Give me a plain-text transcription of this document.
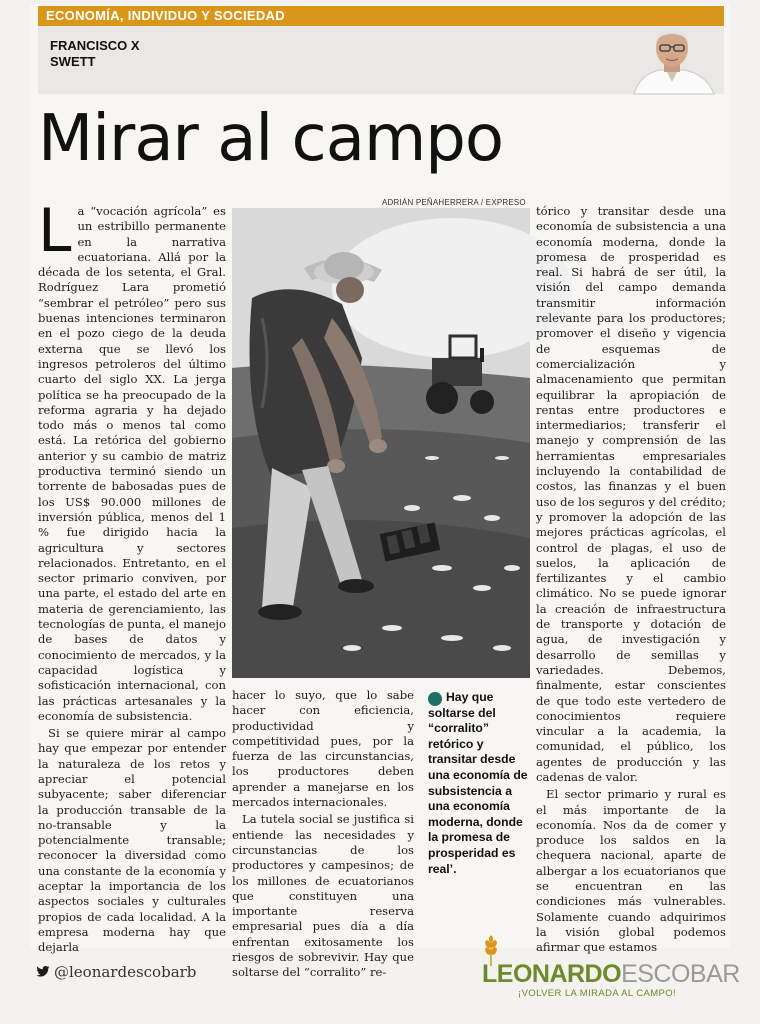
ECONOMÍA, INDIVIDUO Y SOCIEDAD
FRANCISCO X
SWETT
Mirar al campo
ADRIÁN PEÑAHERRERA / EXPRESO

La “vocación agrícola” es un estribillo permanente en la narrativa ecuatoriana. Allá por la década de los setenta, el Gral. Rodríguez Lara prometió “sembrar el petróleo” pero sus buenas intenciones terminaron en el pozo ciego de la deuda externa que se llevó los ingresos petroleros del último cuarto del siglo XX. La jerga política se ha preocupado de la reforma agraria y ha dejado todo más o menos tal como está. La retórica del gobierno anterior y su cambio de matriz productiva terminó siendo un torrente de babosadas pues de los US$ 90.000 millones de inversión pública, menos del 1 % fue dirigido hacia la agricultura y sectores relacionados. Entretanto, en el sector primario conviven, por una parte, el estado del arte en materia de gerenciamiento, las tecnologías de punta, el manejo de bases de datos y conocimiento de mercados, y la capacidad logística y sofisticación internacional, con las prácticas artesanales y la economía de subsistencia.

Si se quiere mirar al campo hay que empezar por entender la naturaleza de los retos y apreciar el potencial subyacente; saber diferenciar la producción transable de la no-transable y la potencialmente transable; reconocer la diversidad como una constante de la economía y aceptar la importancia de los aspectos sociales y culturales propios de cada localidad. A la empresa moderna hay que dejarla

hacer lo suyo, que lo sabe hacer con eficiencia, productividad y competitividad pues, por la fuerza de las circunstancias, los productores deben aprender a manejarse en los mercados internacionales.

La tutela social se justifica si entiende las necesidades y circunstancias de los productores y campesinos; de los millones de ecuatorianos que constituyen una importante reserva empresarial pues día a día enfrentan exitosamente los riesgos de sobrevivir. Hay que soltarse del “corralito” re-

Hay que soltarse del “corralito” retórico y transitar desde una economía de subsistencia a una economía moderna, donde la promesa de prosperidad es real’.

tórico y transitar desde una economía de subsistencia a una economía moderna, donde la promesa de prosperidad es real. Si habrá de ser útil, la visión del campo demanda transmitir información relevante para los productores; promover el diseño y vigencia de esquemas de comercialización y almacenamiento que permitan equilibrar la apropiación de rentas entre productores e intermediarios; transferir el manejo y comprensión de las herramientas empresariales incluyendo la contabilidad de costos, las finanzas y el buen uso de los seguros y del crédito; y promover la adopción de las mejores prácticas agrícolas, el control de plagas, el uso de suelos, la aplicación de fertilizantes y el cambio climático. No se puede ignorar la creación de infraestructura de transporte y dotación de agua, de investigación y desarrollo de semillas y variedades. Debemos, finalmente, estar conscientes de que todo este vertedero de conocimientos requiere vincular a la academia, la comunidad, el público, los agentes de producción y las cadenas de valor.

El sector primario y rural es el más importante de la economía. Nos da de comer y produce los saldos en la chequera nacional, aparte de albergar a los ecuatorianos que se encuentran en las condiciones más vulnerables. Solamente cuando adquirimos la visión global podemos afirmar que estamos

@leonardescobarb	LEONARDOESCOBAR
¡VOLVER LA MIRADA AL CAMPO!
